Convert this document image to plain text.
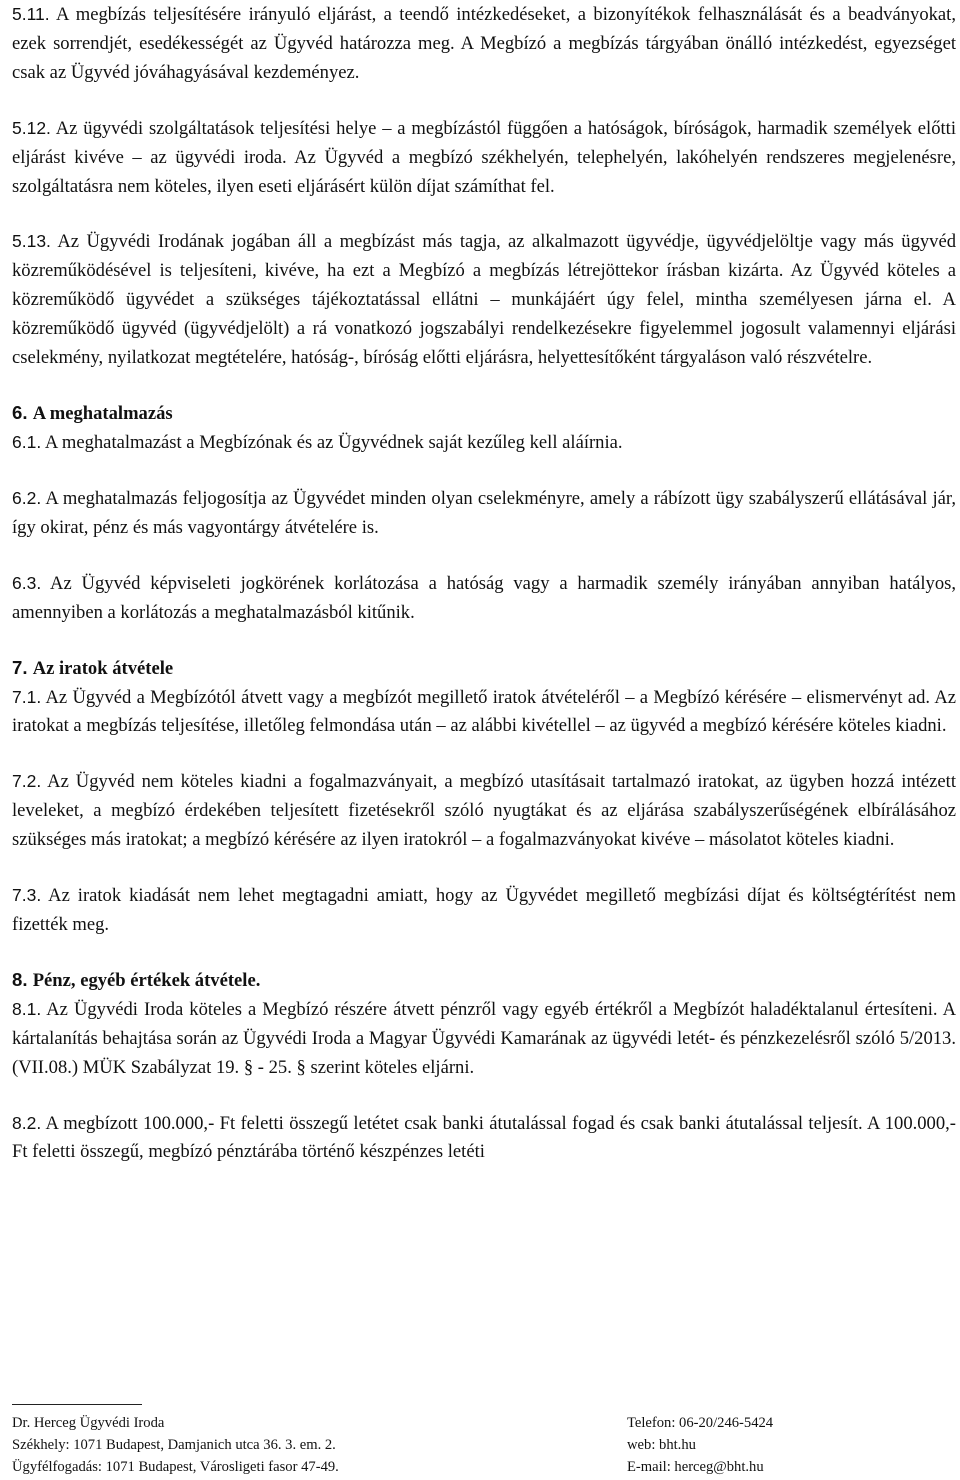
5.11. A megbízás teljesítésére irányuló eljárást, a teendő intézkedéseket, a bizonyítékok felhasználását és a beadványokat, ezek sorrendjét, esedékességét az Ügyvéd határozza meg. A Megbízó a megbízás tárgyában önálló intézkedést, egyezséget csak az Ügyvéd jóváhagyásával kezdeményez.

5.12. Az ügyvédi szolgáltatások teljesítési helye – a megbízástól függően a hatóságok, bíróságok, harmadik személyek előtti eljárást kivéve – az ügyvédi iroda. Az Ügyvéd a megbízó székhelyén, telephelyén, lakóhelyén rendszeres megjelenésre, szolgáltatásra nem köteles, ilyen eseti eljárásért külön díjat számíthat fel.

5.13. Az Ügyvédi Irodának jogában áll a megbízást más tagja, az alkalmazott ügyvédje, ügyvédjelöltje vagy más ügyvéd közreműködésével is teljesíteni, kivéve, ha ezt a Megbízó a megbízás létrejöttekor írásban kizárta. Az Ügyvéd köteles a közreműködő ügyvédet a szükséges tájékoztatással ellátni – munkájáért úgy felel, mintha személyesen járna el. A közreműködő ügyvéd (ügyvédjelölt) a rá vonatkozó jogszabályi rendelkezésekre figyelemmel jogosult valamennyi eljárási cselekmény, nyilatkozat megtételére, hatóság-, bíróság előtti eljárásra, helyettesítőként tárgyaláson való részvételre.

6. A meghatalmazás

6.1. A meghatalmazást a Megbízónak és az Ügyvédnek saját kezűleg kell aláírnia.

6.2. A meghatalmazás feljogosítja az Ügyvédet minden olyan cselekményre, amely a rábízott ügy szabályszerű ellátásával jár, így okirat, pénz és más vagyontárgy átvételére is.

6.3. Az Ügyvéd képviseleti jogkörének korlátozása a hatóság vagy a harmadik személy irányában annyiban hatályos, amennyiben a korlátozás a meghatalmazásból kitűnik.

7. Az iratok átvétele

7.1. Az Ügyvéd a Megbízótól átvett vagy a megbízót megillető iratok átvételéről – a Megbízó kérésére – elismervényt ad. Az iratokat a megbízás teljesítése, illetőleg felmondása után – az alábbi kivétellel – az ügyvéd a megbízó kérésére köteles kiadni.

7.2. Az Ügyvéd nem köteles kiadni a fogalmazványait, a megbízó utasításait tartalmazó iratokat, az ügyben hozzá intézett leveleket, a megbízó érdekében teljesített fizetésekről szóló nyugtákat és az eljárása szabályszerűségének elbírálásához szükséges más iratokat; a megbízó kérésére az ilyen iratokról – a fogalmazványokat kivéve – másolatot köteles kiadni.

7.3. Az iratok kiadását nem lehet megtagadni amiatt, hogy az Ügyvédet megillető megbízási díjat és költségtérítést nem fizették meg.

8. Pénz, egyéb értékek átvétele.

8.1. Az Ügyvédi Iroda köteles a Megbízó részére átvett pénzről vagy egyéb értékről a Megbízót haladéktalanul értesíteni. A kártalanítás behajtása során az Ügyvédi Iroda a Magyar Ügyvédi Kamarának az ügyvédi letét- és pénzkezelésről szóló 5/2013. (VII.08.) MÜK Szabályzat 19. § - 25. § szerint köteles eljárni.

8.2. A megbízott 100.000,- Ft feletti összegű letétet csak banki átutalással fogad és csak banki átutalással teljesít. A 100.000,- Ft feletti összegű, megbízó pénztárába történő készpénzes letéti

Dr. Herceg Ügyvédi Iroda	Telefon: 06-20/246-5424
Székhely: 1071 Budapest, Damjanich utca 36. 3. em. 2.	web: bht.hu
Ügyfélfogadás: 1071 Budapest, Városligeti fasor 47-49.	E-mail: herceg@bht.hu
